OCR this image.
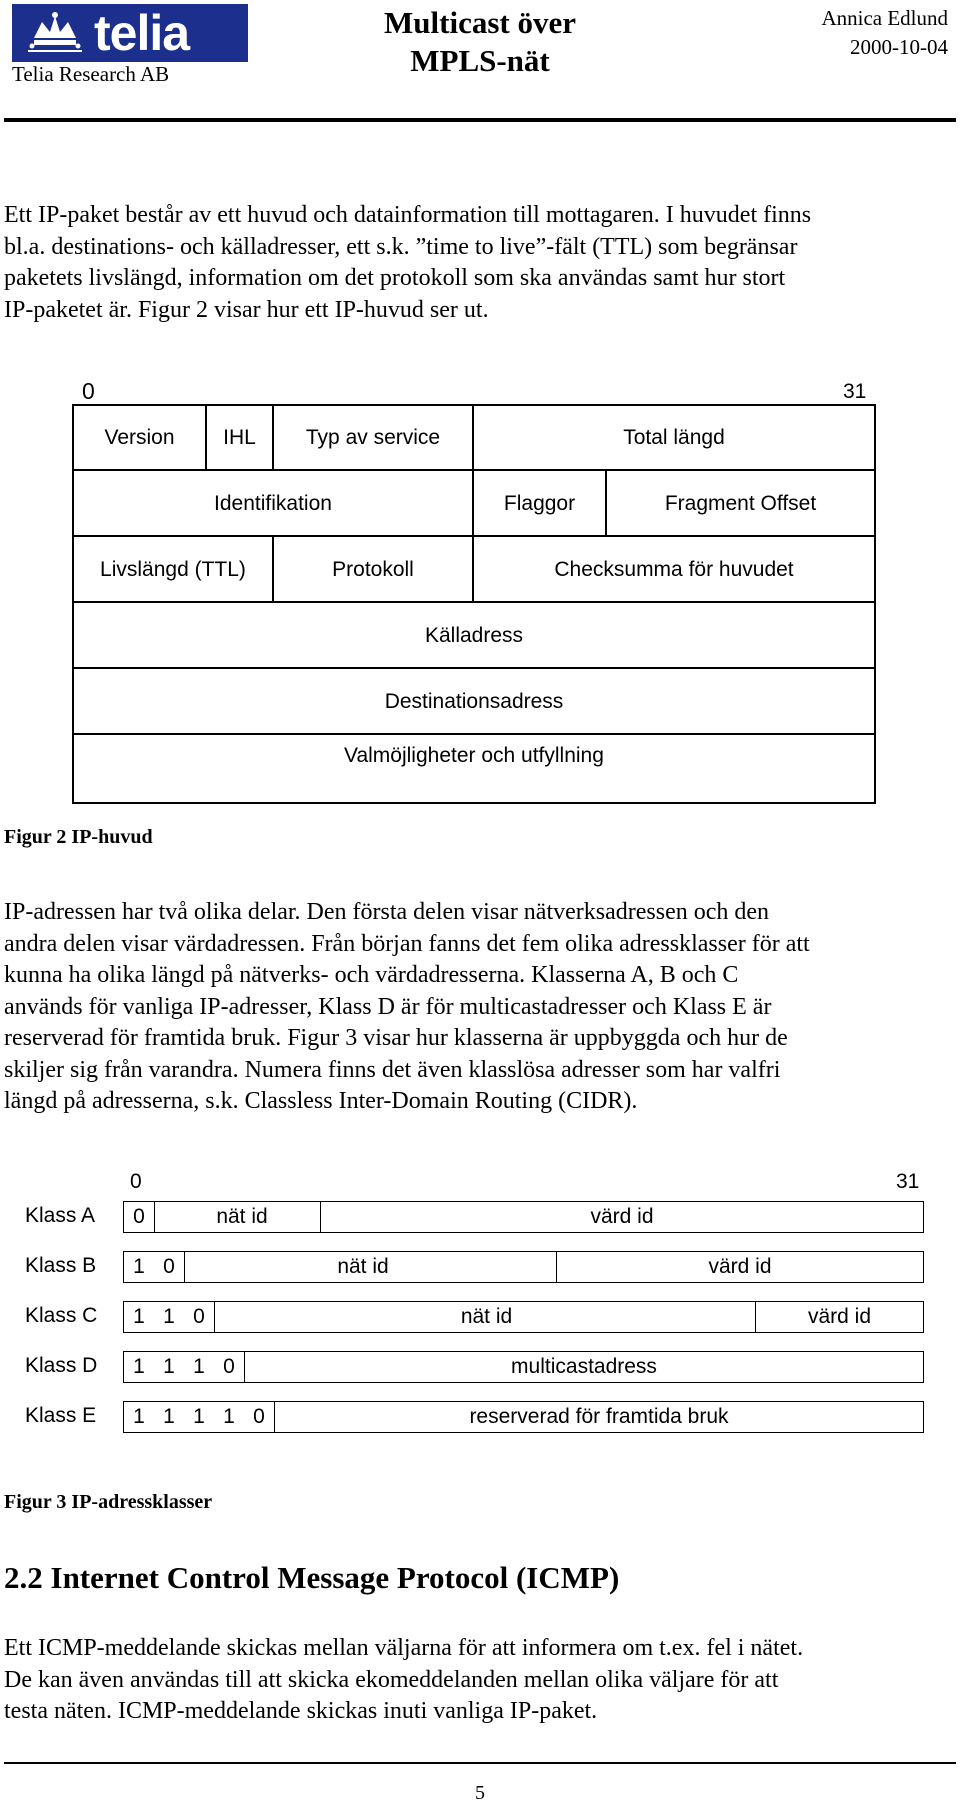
telia
Telia Research AB
Multicast över
MPLS-nät
Annica Edlund
2000-10-04
Ett IP-paket består av ett huvud och datainformation till mottagaren. I huvudet finns
bl.a. destinations- och källadresser, ett s.k. ”time to live”-fält (TTL) som begränsar
paketets livslängd, information om det protokoll som ska användas samt hur stort
IP-paketet är. Figur 2 visar hur ett IP-huvud ser ut.
0	31
Version	IHL	Typ av service	Total längd
Identifikation	Flaggor	Fragment Offset
Livslängd (TTL)	Protokoll	Checksumma för huvudet
Källadress
Destinationsadress
Valmöjligheter och utfyllning
Figur 2 IP-huvud
IP-adressen har två olika delar. Den första delen visar nätverksadressen och den
andra delen visar värdadressen. Från början fanns det fem olika adressklasser för att
kunna ha olika längd på nätverks- och värdadresserna. Klasserna A, B och C
används för vanliga IP-adresser, Klass D är för multicastadresser och Klass E är
reserverad för framtida bruk. Figur 3 visar hur klasserna är uppbyggda och hur de
skiljer sig från varandra. Numera finns det även klasslösa adresser som har valfri
längd på adresserna, s.k. Classless Inter-Domain Routing (CIDR).
0	31
Klass A	0	nät id	värd id
Klass B	1 0	nät id	värd id
Klass C	1 1 0	nät id	värd id
Klass D	1 1 1 0	multicastadress
Klass E	1 1 1 1 0	reserverad för framtida bruk
Figur 3 IP-adressklasser
2.2 Internet Control Message Protocol (ICMP)
Ett ICMP-meddelande skickas mellan väljarna för att informera om t.ex. fel i nätet.
De kan även användas till att skicka ekomeddelanden mellan olika väljare för att
testa näten. ICMP-meddelande skickas inuti vanliga IP-paket.
5
